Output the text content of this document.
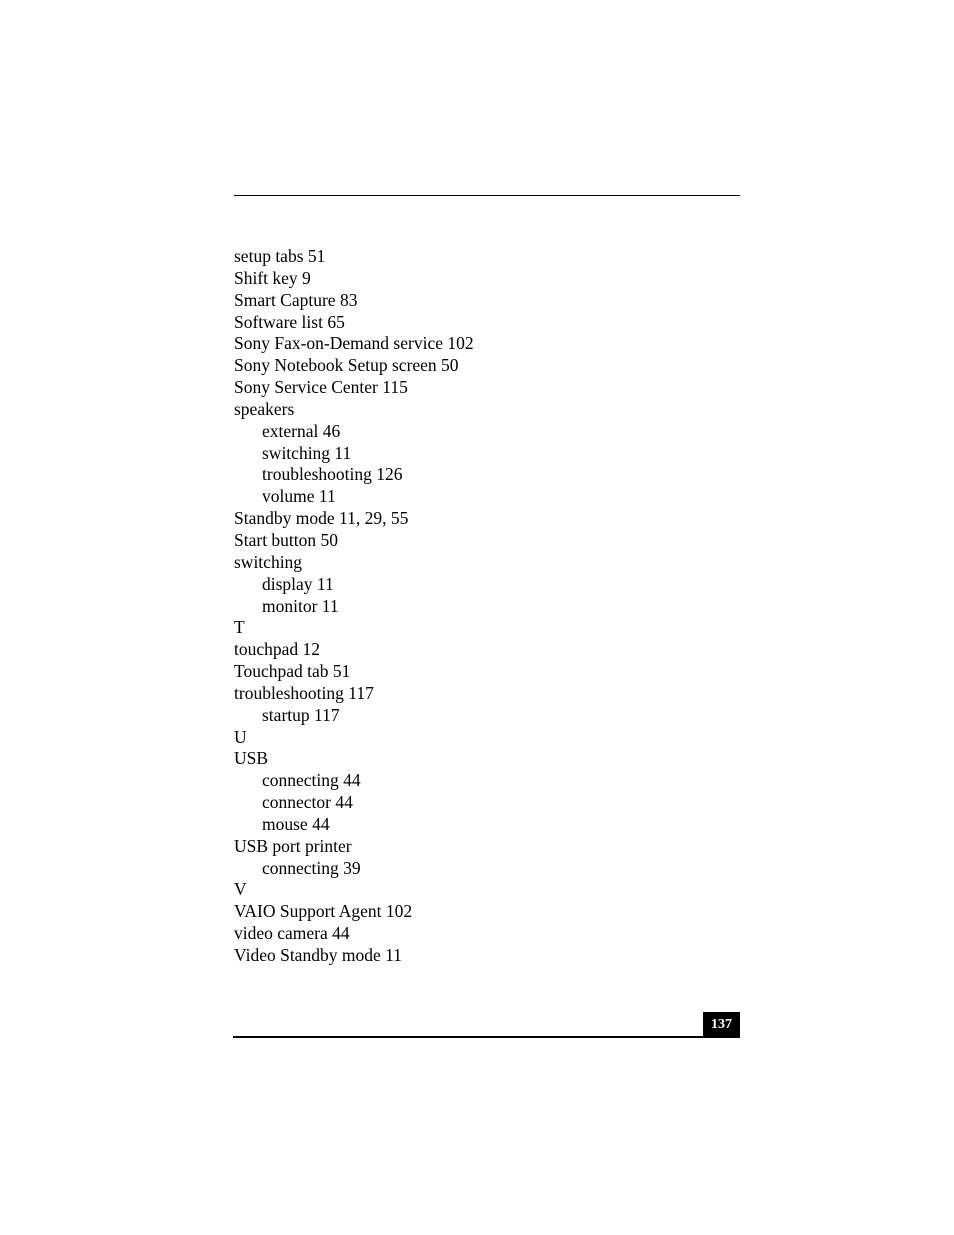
setup tabs 51
Shift key 9
Smart Capture 83
Software list 65
Sony Fax-on-Demand service 102
Sony Notebook Setup screen 50
Sony Service Center 115
speakers
external 46
switching 11
troubleshooting 126
volume 11
Standby mode 11, 29, 55
Start button 50
switching
display 11
monitor 11
T
touchpad 12
Touchpad tab 51
troubleshooting 117
startup 117
U
USB
connecting 44
connector 44
mouse 44
USB port printer
connecting 39
V
VAIO Support Agent 102
video camera 44
Video Standby mode 11
137
